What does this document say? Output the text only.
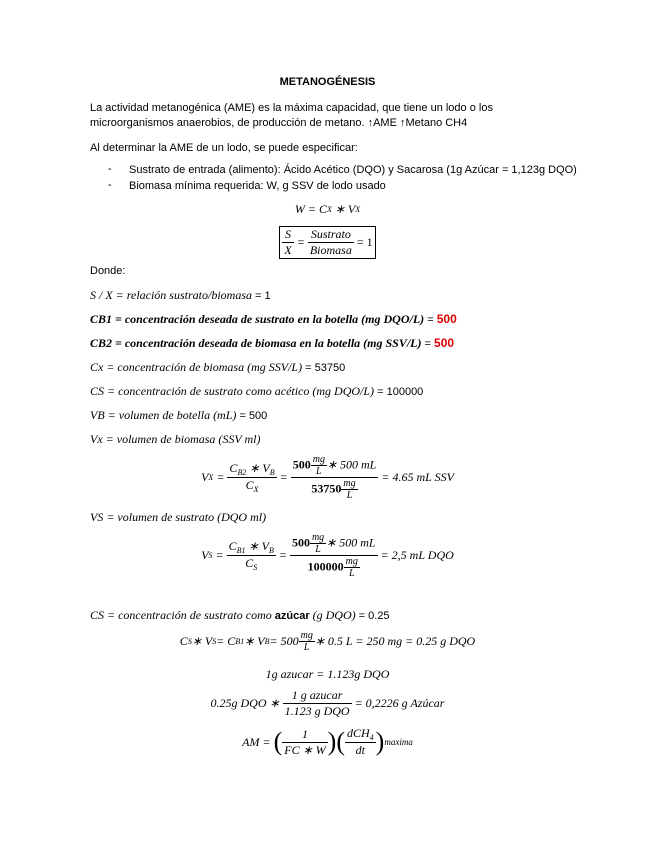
METANOGÉNESIS
La actividad metanogénica (AME) es la máxima capacidad, que tiene un lodo o los
microorganismos anaerobios, de producción de metano. ↑AME ↑Metano CH4
Al determinar la AME de un lodo, se puede especificar:
- Sustrato de entrada (alimento): Ácido Acético (DQO) y Sacarosa (1g Azúcar = 1,123g DQO)
- Biomasa mínima requerida: W, g SSV de lodo usado
W = C X
∗
V X
$\frac{S}{X} = \frac{\text{Sustrato}}{\text{Biomasa}}$
= 1
Donde:
S / X = relación sustrato/biomasa = 1
CB1 = concentración deseada de sustrato en la botella (mg DQO/L) = 500
CB2 = concentración deseada de biomasa en la botella (mg SSV/L) = 500
Cx = concentración de biomasa (mg SSV/L) = 53750
CS = concentración de sustrato como acético (mg DQO/L) = 100000
VB = volumen de botella (mL) = 500
Vx = volumen de biomasa (SSV ml)
V $X = \frac{C_{B2} ∗ V_B}{C_X} = \frac{500 \frac{mg}{L} ∗ 500 mL}{53750 \frac{mg}{L}}$
= 4.65 mL SSV
VS = volumen de sustrato (DQO ml)
V $S = \frac{C_{B1} ∗ V_B}{C_S} = \frac{500 \frac{mg}{L} ∗ 500 mL}{100000 \frac{mg}{L}}$
= 2,5 mL DQO
CS = concentración de sustrato como azúcar (g DQO) = 0.25
C S ∗ V S = C B1 ∗ V $B = 500 \frac{mg}{L}$ ∗ 0.5 L = 250 mg = 0.25 g DQO
1g azucar = 1.123g DQO
0.25g DQO ∗
$\frac{\text{1 g azucar}}{\text{1.123 g DQO}}$
= 0,2226 g Azúcar
AM =
( $\frac{1}{FC ∗ W}$ ) ( $\frac{dCH_4}{dt}$ ) maxima
